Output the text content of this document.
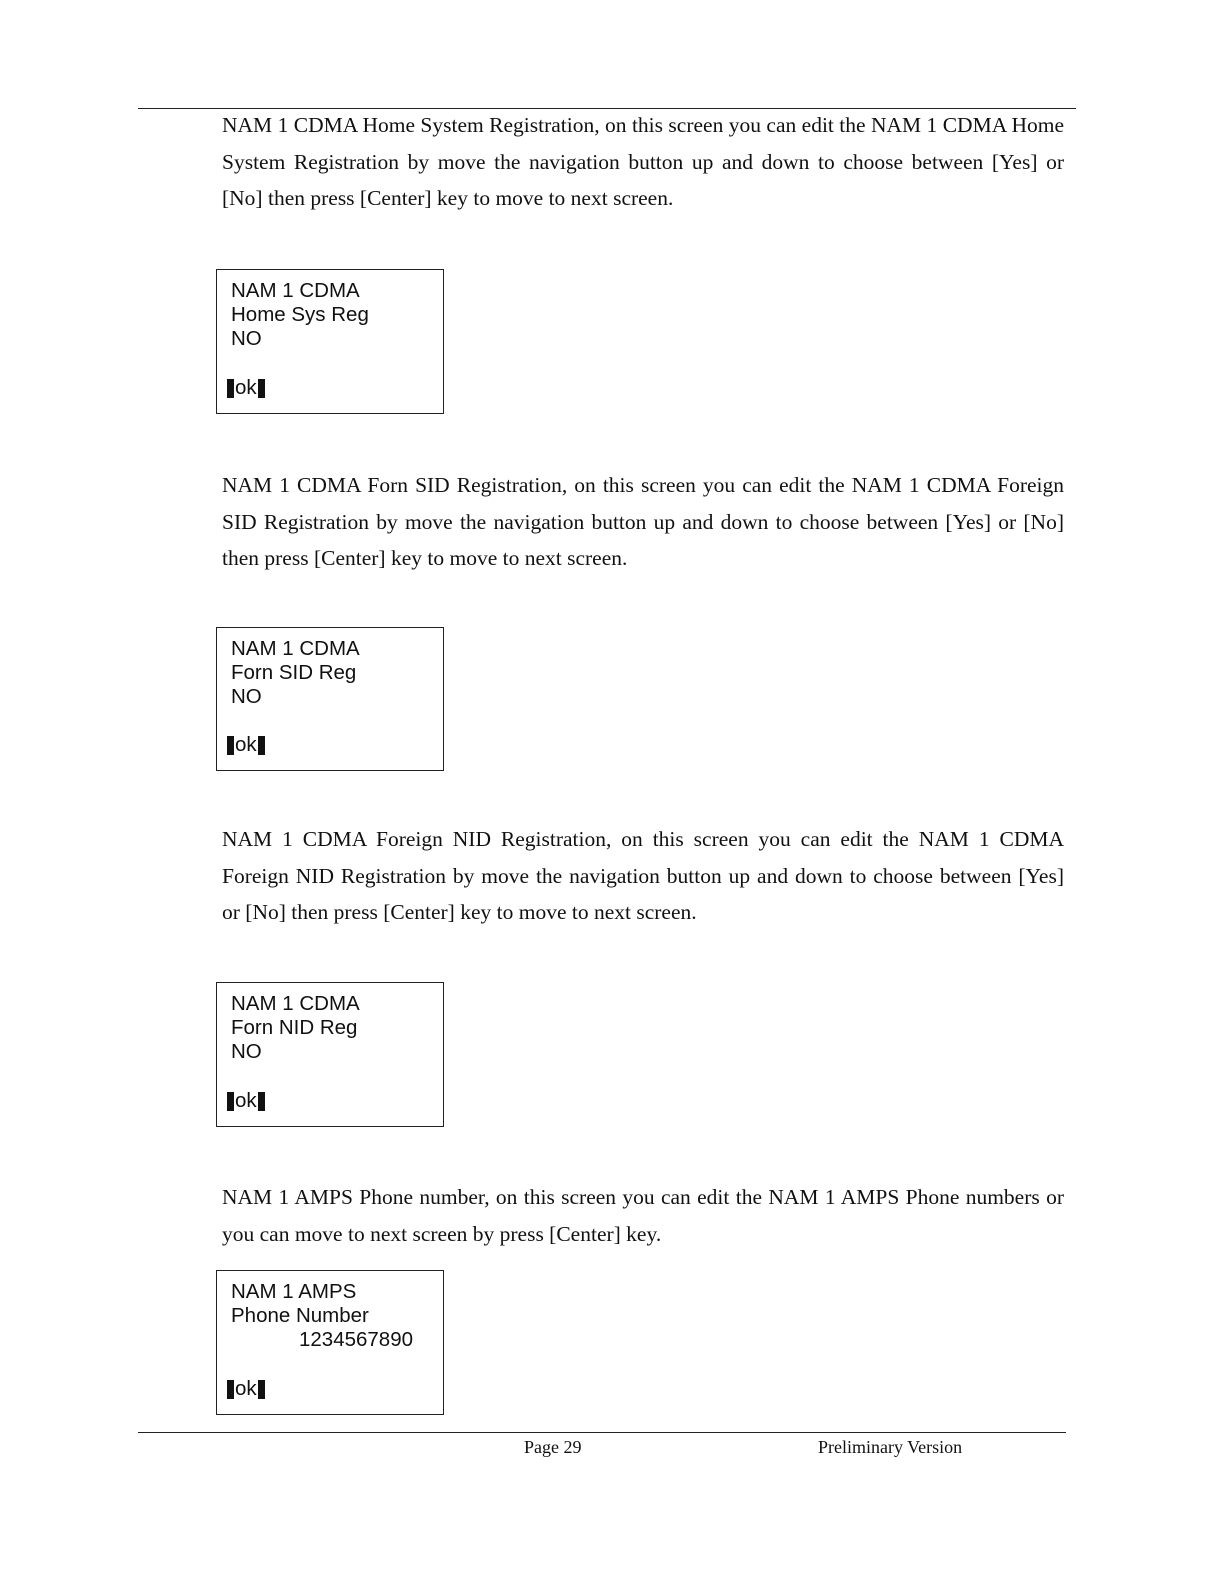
NAM 1 CDMA Home System Registration, on this screen you can edit the NAM 1 CDMA Home System Registration by move the navigation button up and down to choose between [Yes] or [No] then press [Center] key to move to next screen.

NAM 1 CDMA
Home Sys Reg
NO
ok

NAM 1 CDMA Forn SID Registration, on this screen you can edit the NAM 1 CDMA Foreign SID Registration by move the navigation button up and down to choose between [Yes] or [No] then press [Center] key to move to next screen.

NAM 1 CDMA
Forn SID Reg
NO
ok

NAM 1 CDMA Foreign NID Registration, on this screen you can edit the NAM 1 CDMA Foreign NID Registration by move the navigation button up and down to choose between [Yes] or [No] then press [Center] key to move to next screen.

NAM 1 CDMA
Forn NID Reg
NO
ok

NAM 1 AMPS Phone number, on this screen you can edit the NAM 1 AMPS Phone numbers or you can move to next screen by press [Center] key.

NAM 1 AMPS
Phone Number
1234567890
ok
Page 29	Preliminary Version
